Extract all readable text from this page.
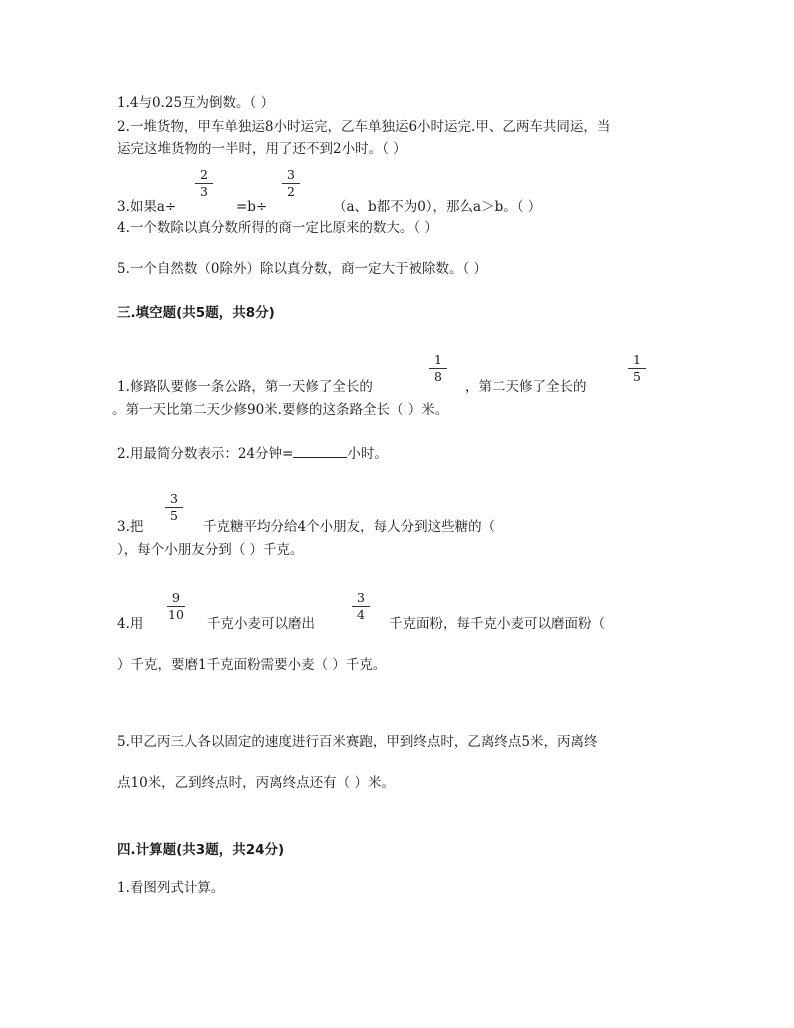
1.4与0.25互为倒数。（ ）
2.一堆货物，甲车单独运8小时运完，乙车单独运6小时运完.甲、乙两车共同运，当
运完这堆货物的一半时，用了还不到2小时。（ ）
2
3
3
2
3.如果a÷	=b÷	（a、b都不为0），那么a＞b。（ ）
4.一个数除以真分数所得的商一定比原来的数大。（ ）
5.一个自然数（0除外）除以真分数，商一定大于被除数。（ ）
三.填空题(共5题，共8分)
1
8
1
5
1.修路队要修一条公路，第一天修了全长的	，第二天修了全长的
。第一天比第二天少修90米.要修的这条路全长（ ）米。
2.用最简分数表示：24分钟=	小时。
3
5
3.把	千克糖平均分给4个小朋友，每人分到这些糖的（
），每个小朋友分到（ ）千克。
9
10
3
4
4.用	千克小麦可以磨出	千克面粉，每千克小麦可以磨面粉（
）千克，要磨1千克面粉需要小麦（ ）千克。
5.甲乙丙三人各以固定的速度进行百米赛跑，甲到终点时，乙离终点5米，丙离终
点10米，乙到终点时，丙离终点还有（ ）米。
四.计算题(共3题，共24分)
1.看图列式计算。
